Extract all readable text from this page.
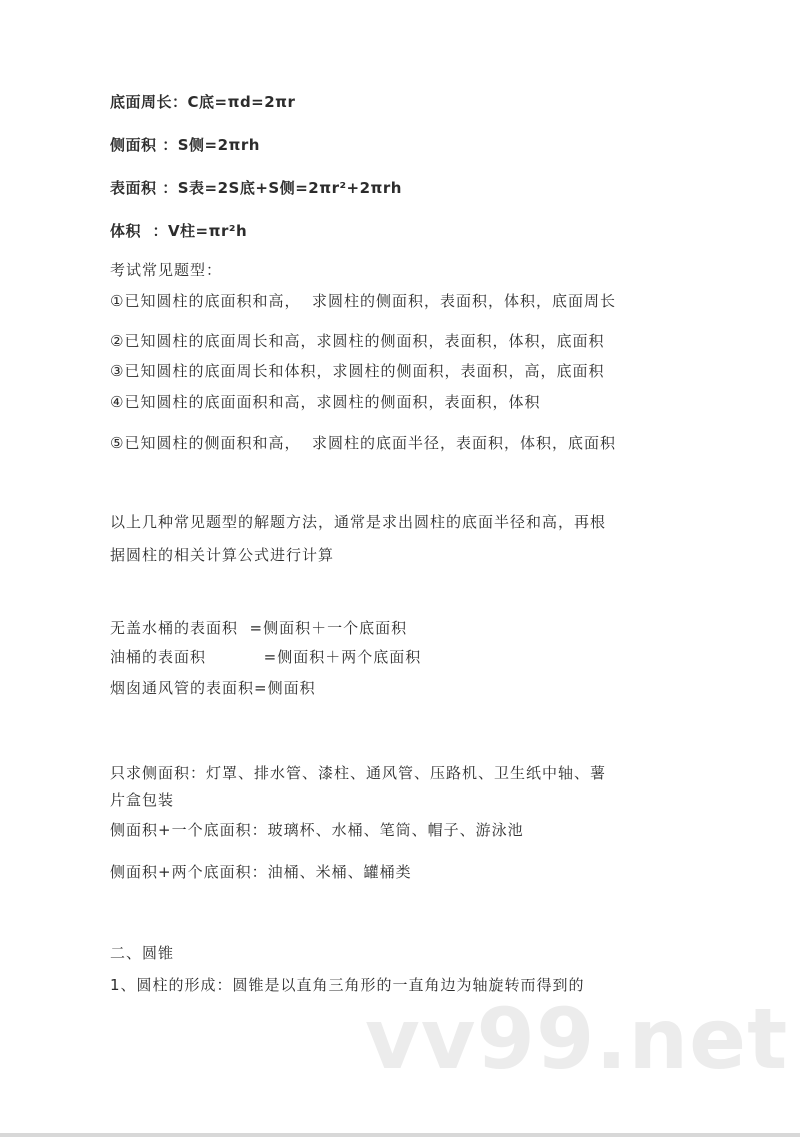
底面周长：C底=πd=2πr
侧面积 ：S侧=2πrh
表面积 ：S表=2S底+S侧=2πr²+2πrh
体积  ：V柱=πr²h
考试常见题型：
①已知圆柱的底面积和高，  求圆柱的侧面积，表面积，体积，底面周长
②已知圆柱的底面周长和高，求圆柱的侧面积，表面积，体积，底面积
③已知圆柱的底面周长和体积，求圆柱的侧面积，表面积，高，底面积
④已知圆柱的底面面积和高，求圆柱的侧面积，表面积，体积
⑤已知圆柱的侧面积和高，  求圆柱的底面半径，表面积，体积，底面积
以上几种常见题型的解题方法，通常是求出圆柱的底面半径和高，再根
据圆柱的相关计算公式进行计算
无盖水桶的表面积  =侧面积＋一个底面积
油桶的表面积          =侧面积＋两个底面积
烟囱通风管的表面积=侧面积
只求侧面积：灯罩、排水管、漆柱、通风管、压路机、卫生纸中轴、薯
片盒包装
侧面积+一个底面积：玻璃杯、水桶、笔筒、帽子、游泳池
侧面积+两个底面积：油桶、米桶、罐桶类
二、圆锥
1、圆柱的形成：圆锥是以直角三角形的一直角边为轴旋转而得到的
vv99.net
